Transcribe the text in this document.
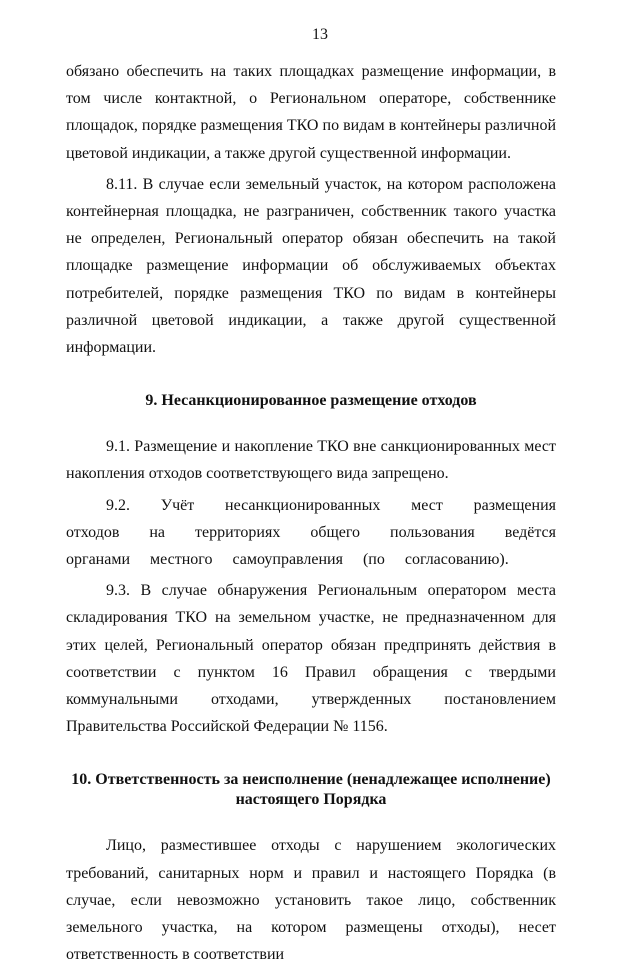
13

обязано обеспечить на таких площадках размещение информации, в том числе контактной, о Региональном операторе, собственнике площадок, порядке размещения ТКО по видам в контейнеры различной цветовой индикации, а также другой существенной информации.

8.11. В случае если земельный участок, на котором расположена контейнерная площадка, не разграничен, собственник такого участка не определен, Региональный оператор обязан обеспечить на такой площадке размещение информации об обслуживаемых объектах потребителей, порядке размещения ТКО по видам в контейнеры различной цветовой индикации, а также другой существенной информации.

9. Несанкционированное размещение отходов

9.1. Размещение и накопление ТКО вне санкционированных мест накопления отходов соответствующего вида запрещено.

9.2. Учёт несанкционированных мест размещения отходов на территориях общего пользования ведётся органами местного самоуправления (по согласованию).

9.3. В случае обнаружения Региональным оператором места складирования ТКО на земельном участке, не предназначенном для этих целей, Региональный оператор обязан предпринять действия в соответствии с пунктом 16 Правил обращения с твердыми коммунальными отходами, утвержденных постановлением Правительства Российской Федерации № 1156.

10. Ответственность за неисполнение (ненадлежащее исполнение)
настоящего Порядка

Лицо, разместившее отходы с нарушением экологических требований, санитарных норм и правил и настоящего Порядка (в случае, если невозможно установить такое лицо, собственник земельного участка, на котором размещены отходы), несет ответственность в соответствии
